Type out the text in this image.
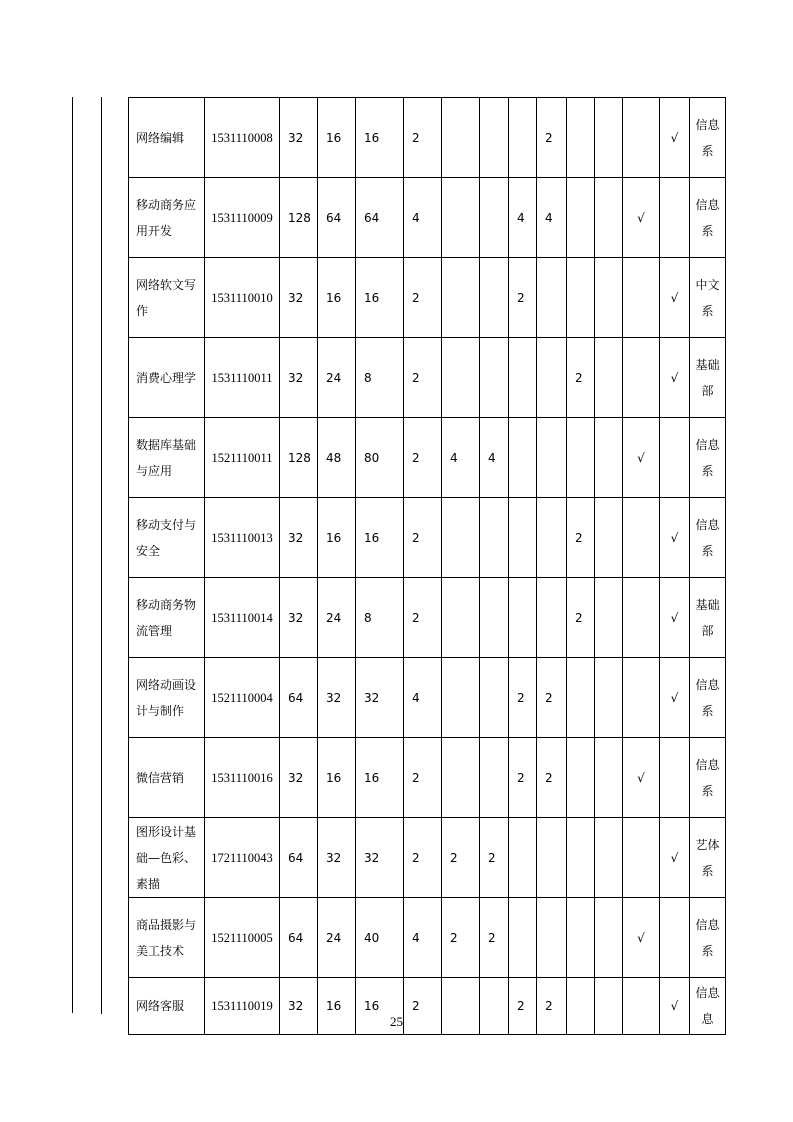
网络编辑	1531110008	32	16	16	2				2				√	信息系
移动商务应用开发	1531110009	128	64	64	4			4	4			√		信息系
网络软文写作	1531110010	32	16	16	2			2					√	中文系
消费心理学	1531110011	32	24	8	2					2			√	基础部
数据库基础与应用	1521110011	128	48	80	2	4	4					√		信息系
移动支付与安全	1531110013	32	16	16	2					2			√	信息系
移动商务物流管理	1531110014	32	24	8	2					2			√	基础部
网络动画设计与制作	1521110004	64	32	32	4			2	2				√	信息系
微信营销	1531110016	32	16	16	2			2	2			√		信息系
图形设计基础—色彩、素描	1721110043	64	32	32	2	2	2						√	艺体系
商品摄影与美工技术	1521110005	64	24	40	4	2	2					√		信息系
网络客服	1531110019	32	16	16	2			2	2				√	信息息
25
